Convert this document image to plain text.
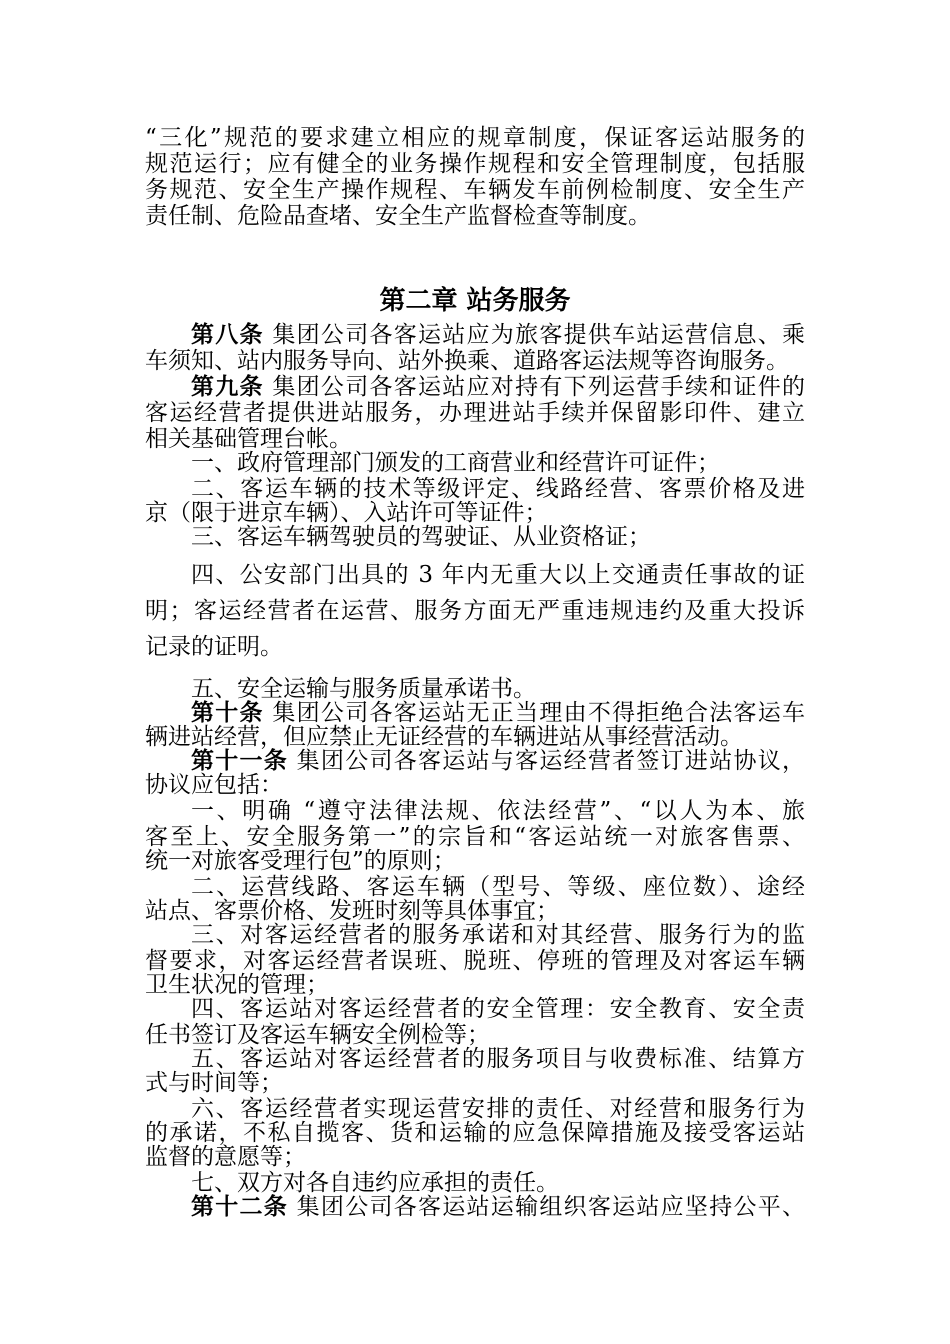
“三化”规范的要求建立相应的规章制度，保证客运站服务的
规范运行；应有健全的业务操作规程和安全管理制度，包括服
务规范、安全生产操作规程、车辆发车前例检制度、安全生产
责任制、危险品查堵、安全生产监督检查等制度。
第二章 站务服务
第八条 集团公司各客运站应为旅客提供车站运营信息、乘
车须知、站内服务导向、站外换乘、道路客运法规等咨询服务。
第九条 集团公司各客运站应对持有下列运营手续和证件的
客运经营者提供进站服务，办理进站手续并保留影印件、建立
相关基础管理台帐。
一、政府管理部门颁发的工商营业和经营许可证件；
二、客运车辆的技术等级评定、线路经营、客票价格及进
京（限于进京车辆）、入站许可等证件；
三、客运车辆驾驶员的驾驶证、从业资格证；
四、公安部门出具的 3 年内无重大以上交通责任事故的证
明；客运经营者在运营、服务方面无严重违规违约及重大投诉
记录的证明。
五、安全运输与服务质量承诺书。
第十条 集团公司各客运站无正当理由不得拒绝合法客运车
辆进站经营，但应禁止无证经营的车辆进站从事经营活动。
第十一条 集团公司各客运站与客运经营者签订进站协议，
协议应包括：
一、明确 “遵守法律法规、依法经营”、“以人为本、旅
客至上、安全服务第一”的宗旨和“客运站统一对旅客售票、
统一对旅客受理行包”的原则；
二、运营线路、客运车辆（型号、等级、座位数）、途经
站点、客票价格、发班时刻等具体事宜；
三、对客运经营者的服务承诺和对其经营、服务行为的监
督要求，对客运经营者误班、脱班、停班的管理及对客运车辆
卫生状况的管理；
四、客运站对客运经营者的安全管理：安全教育、安全责
任书签订及客运车辆安全例检等；
五、客运站对客运经营者的服务项目与收费标准、结算方
式与时间等；
六、客运经营者实现运营安排的责任、对经营和服务行为
的承诺，不私自揽客、货和运输的应急保障措施及接受客运站
监督的意愿等；
七、双方对各自违约应承担的责任。
第十二条 集团公司各客运站运输组织客运站应坚持公平、
